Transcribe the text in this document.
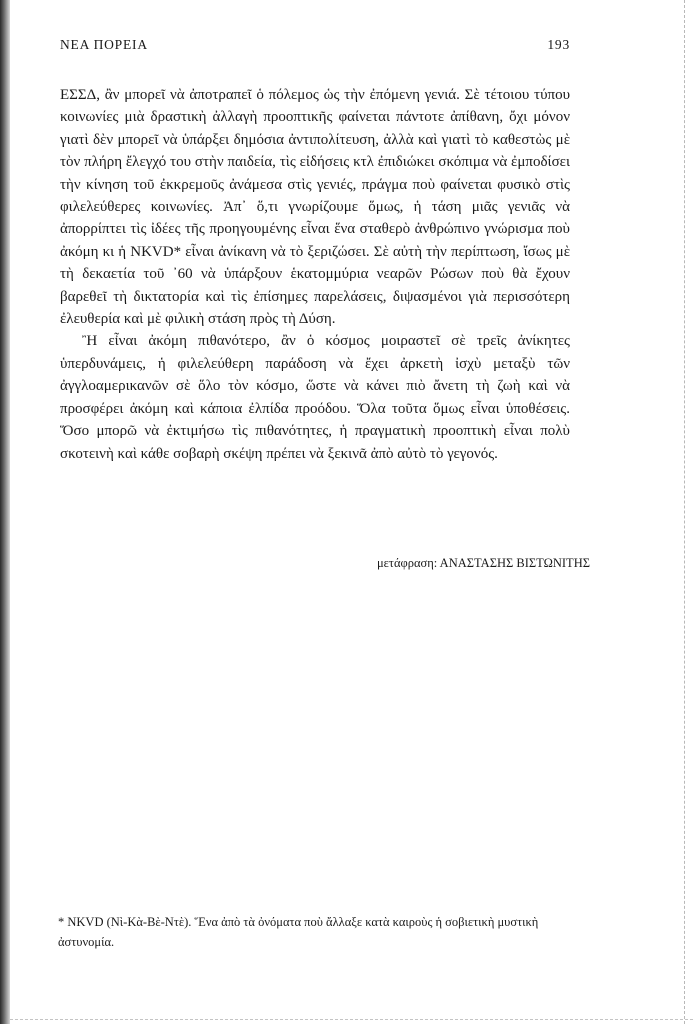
ΝΕΑ ΠΟΡΕΙΑ	193

ΕΣΣΔ, ἂν μπορεῖ νὰ ἀποτραπεῖ ὁ πόλεμος ὡς τὴν ἐπόμενη γενιά. Σὲ τέτοιου τύπου κοινωνίες μιὰ δραστικὴ ἀλλαγὴ προοπτικῆς φαίνεται πάντοτε ἀπίθανη, ὄχι μόνον γιατὶ δὲν μπορεῖ νὰ ὑπάρξει δημόσια ἀντιπολίτευση, ἀλλὰ καὶ γιατὶ τὸ καθεστὼς μὲ τὸν πλήρη ἔλεγχό του στὴν παιδεία, τὶς εἰδήσεις κτλ ἐπιδιώκει σκόπιμα νὰ ἐμποδίσει τὴν κίνηση τοῦ ἐκκρεμοῦς ἀνάμεσα στὶς γενιές, πράγμα ποὺ φαίνεται φυσικὸ στὶς φιλελεύθερες κοινωνίες. Ἀπ᾽ ὅ,τι γνωρίζουμε ὅμως, ἡ τάση μιᾶς γενιᾶς νὰ ἀπορρίπτει τὶς ἰδέες τῆς προηγουμένης εἶναι ἕνα σταθερὸ ἀνθρώπινο γνώρισμα ποὺ ἀκόμη κι ἡ NKVD* εἶναι ἀνίκανη νὰ τὸ ξεριζώσει. Σὲ αὐτὴ τὴν περίπτωση, ἴσως μὲ τὴ δεκαετία τοῦ ᾽60 νὰ ὑπάρξουν ἑκατομμύρια νεαρῶν Ρώσων ποὺ θὰ ἔχουν βαρεθεῖ τὴ δικτατορία καὶ τὶς ἐπίσημες παρελάσεις, διψασμένοι γιὰ περισσότερη ἐλευθερία καὶ μὲ φιλικὴ στάση πρὸς τὴ Δύση.

Ἢ εἶναι ἀκόμη πιθανότερο, ἂν ὁ κόσμος μοιραστεῖ σὲ τρεῖς ἀνίκητες ὑπερδυνάμεις, ἡ φιλελεύθερη παράδοση νὰ ἔχει ἀρκετὴ ἰσχὺ μεταξὺ τῶν ἀγγλοαμερικανῶν σὲ ὅλο τὸν κόσμο, ὥστε νὰ κάνει πιὸ ἄνετη τὴ ζωὴ καὶ νὰ προσφέρει ἀκόμη καὶ κάποια ἐλπίδα προόδου. Ὅλα τοῦτα ὅμως εἶναι ὑποθέσεις. Ὅσο μπορῶ νὰ ἐκτιμήσω τὶς πιθανότητες, ἡ πραγματικὴ προοπτικὴ εἶναι πολὺ σκοτεινὴ καὶ κάθε σοβαρὴ σκέψη πρέπει νὰ ξεκινᾶ ἀπὸ αὐτὸ τὸ γεγονός.

μετάφραση: ΑΝΑΣΤΑΣΗΣ ΒΙΣΤΩΝΙΤΗΣ
* NKVD (Νὶ-Κὰ-Βὲ-Ντὲ). Ἕνα ἀπὸ τὰ ὀνόματα ποὺ ἄλλαξε κατὰ καιροὺς ἡ σοβιετικὴ μυστικὴ ἀστυνομία.
